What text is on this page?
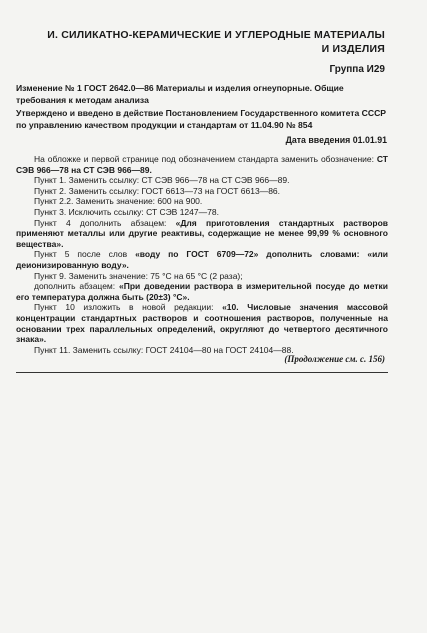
И. СИЛИКАТНО-КЕРАМИЧЕСКИЕ И УГЛЕРОДНЫЕ МАТЕРИАЛЫ
И ИЗДЕЛИЯ
Группа И29
Изменение № 1 ГОСТ 2642.0—86 Материалы и изделия огнеупорные. Общие требования к методам анализа
Утверждено и введено в действие Постановлением Государственного комитета СССР по управлению качеством продукции и стандартам от 11.04.90 № 854
Дата введения 01.01.91

На обложке и первой странице под обозначением стандарта заменить обозначение: СТ СЭВ 966—78 на СТ СЭВ 966—89.

Пункт 1. Заменить ссылку: СТ СЭВ 966—78 на СТ СЭВ 966—89.

Пункт 2. Заменить ссылку: ГОСТ 6613—73 на ГОСТ 6613—86.

Пункт 2.2. Заменить значение: 600 на 900.

Пункт 3. Исключить ссылку: СТ СЭВ 1247—78.

Пункт 4 дополнить абзацем: «Для приготовления стандартных растворов применяют металлы или другие реактивы, содержащие не менее 99,99 % основного вещества».

Пункт 5 после слов «воду по ГОСТ 6709—72» дополнить словами: «или деионизированную воду».

Пункт 9. Заменить значение: 75 °С на 65 °С (2 раза);

дополнить абзацем: «При доведении раствора в измерительной посуде до метки его температура должна быть (20±3) °С».

Пункт 10 изложить в новой редакции: «10. Числовые значения массовой концентрации стандартных растворов и соотношения растворов, полученные на основании трех параллельных определений, округляют до четвертого десятичного знака».

Пункт 11. Заменить ссылку: ГОСТ 24104—80 на ГОСТ 24104—88.

(Продолжение см. с. 156)
